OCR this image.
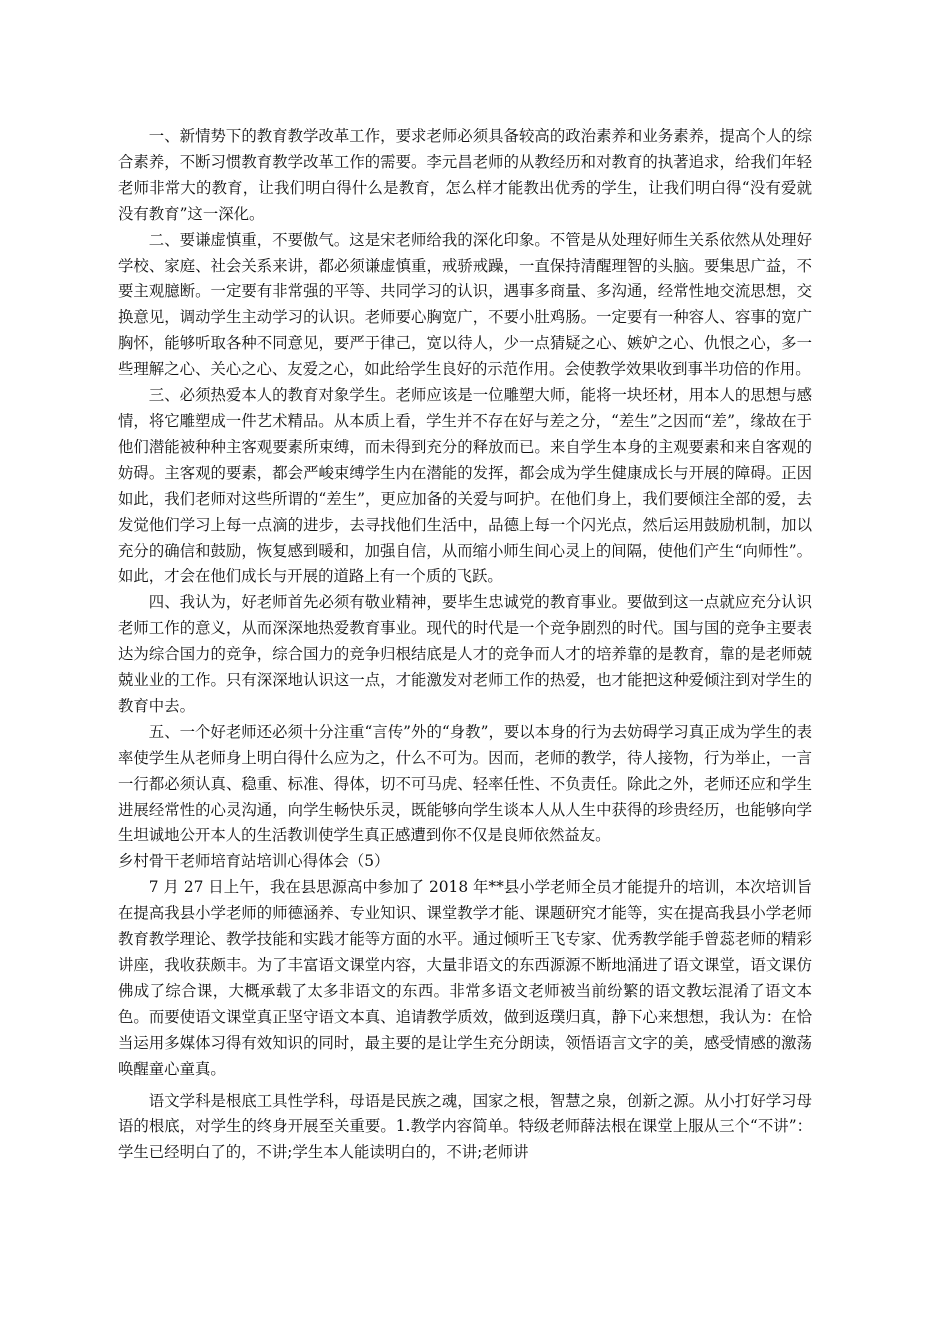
一、新情势下的教育教学改革工作，要求老师必须具备较高的政治素养和业务素养，提高个人的综合素养，不断习惯教育教学改革工作的需要。李元昌老师的从教经历和对教育的执著追求，给我们年轻老师非常大的教育，让我们明白得什么是教育，怎么样才能教出优秀的学生，让我们明白得“没有爱就没有教育”这一深化。

二、要谦虚慎重，不要傲气。这是宋老师给我的深化印象。不管是从处理好师生关系依然从处理好学校、家庭、社会关系来讲，都必须谦虚慎重，戒骄戒躁，一直保持清醒理智的头脑。要集思广益，不要主观臆断。一定要有非常强的平等、共同学习的认识，遇事多商量、多沟通，经常性地交流思想，交换意见，调动学生主动学习的认识。老师要心胸宽广，不要小肚鸡肠。一定要有一种容人、容事的宽广胸怀，能够听取各种不同意见，要严于律己，宽以待人，少一点猜疑之心、嫉妒之心、仇恨之心，多一些理解之心、关心之心、友爱之心，如此给学生良好的示范作用。会使教学效果收到事半功倍的作用。

三、必须热爱本人的教育对象学生。老师应该是一位雕塑大师，能将一块坯材，用本人的思想与感情，将它雕塑成一件艺术精品。从本质上看，学生并不存在好与差之分，“差生”之因而“差”，缘故在于他们潜能被种种主客观要素所束缚，而未得到充分的释放而已。来自学生本身的主观要素和来自客观的妨碍。主客观的要素，都会严峻束缚学生内在潜能的发挥，都会成为学生健康成长与开展的障碍。正因如此，我们老师对这些所谓的“差生”，更应加备的关爱与呵护。在他们身上，我们要倾注全部的爱，去发觉他们学习上每一点滴的进步，去寻找他们生活中，品德上每一个闪光点，然后运用鼓励机制，加以充分的确信和鼓励，恢复感到暖和，加强自信，从而缩小师生间心灵上的间隔，使他们产生“向师性”。如此，才会在他们成长与开展的道路上有一个质的飞跃。

四、我认为，好老师首先必须有敬业精神，要毕生忠诚党的教育事业。要做到这一点就应充分认识老师工作的意义，从而深深地热爱教育事业。现代的时代是一个竞争剧烈的时代。国与国的竞争主要表达为综合国力的竞争，综合国力的竞争归根结底是人才的竞争而人才的培养靠的是教育，靠的是老师兢兢业业的工作。只有深深地认识这一点，才能激发对老师工作的热爱，也才能把这种爱倾注到对学生的教育中去。

五、一个好老师还必须十分注重“言传”外的“身教”，要以本身的行为去妨碍学习真正成为学生的表率使学生从老师身上明白得什么应为之，什么不可为。因而，老师的教学，待人接物，行为举止，一言一行都必须认真、稳重、标准、得体，切不可马虎、轻率任性、不负责任。除此之外，老师还应和学生进展经常性的心灵沟通，向学生畅快乐灵，既能够向学生谈本人从人生中获得的珍贵经历，也能够向学生坦诚地公开本人的生活教训使学生真正感遭到你不仅是良师依然益友。

乡村骨干老师培育站培训心得体会（5）

7 月 27 日上午，我在县思源高中参加了 2018 年**县小学老师全员才能提升的培训，本次培训旨在提高我县小学老师的师德涵养、专业知识、课堂教学才能、课题研究才能等，实在提高我县小学老师教育教学理论、教学技能和实践才能等方面的水平。通过倾听王飞专家、优秀教学能手曾蕊老师的精彩讲座，我收获颇丰。为了丰富语文课堂内容，大量非语文的东西源源不断地涌进了语文课堂，语文课仿佛成了综合课，大概承载了太多非语文的东西。非常多语文老师被当前纷繁的语文教坛混淆了语文本色。而要使语文课堂真正坚守语文本真、追请教学质效，做到返璞归真，静下心来想想，我认为：在恰当运用多媒体习得有效知识的同时，最主要的是让学生充分朗读，领悟语言文字的美，感受情感的激荡唤醒童心童真。

语文学科是根底工具性学科，母语是民族之魂，国家之根，智慧之泉，创新之源。从小打好学习母语的根底，对学生的终身开展至关重要。1.教学内容简单。特级老师薛法根在课堂上服从三个“不讲”：学生已经明白了的，不讲;学生本人能读明白的，不讲;老师讲
